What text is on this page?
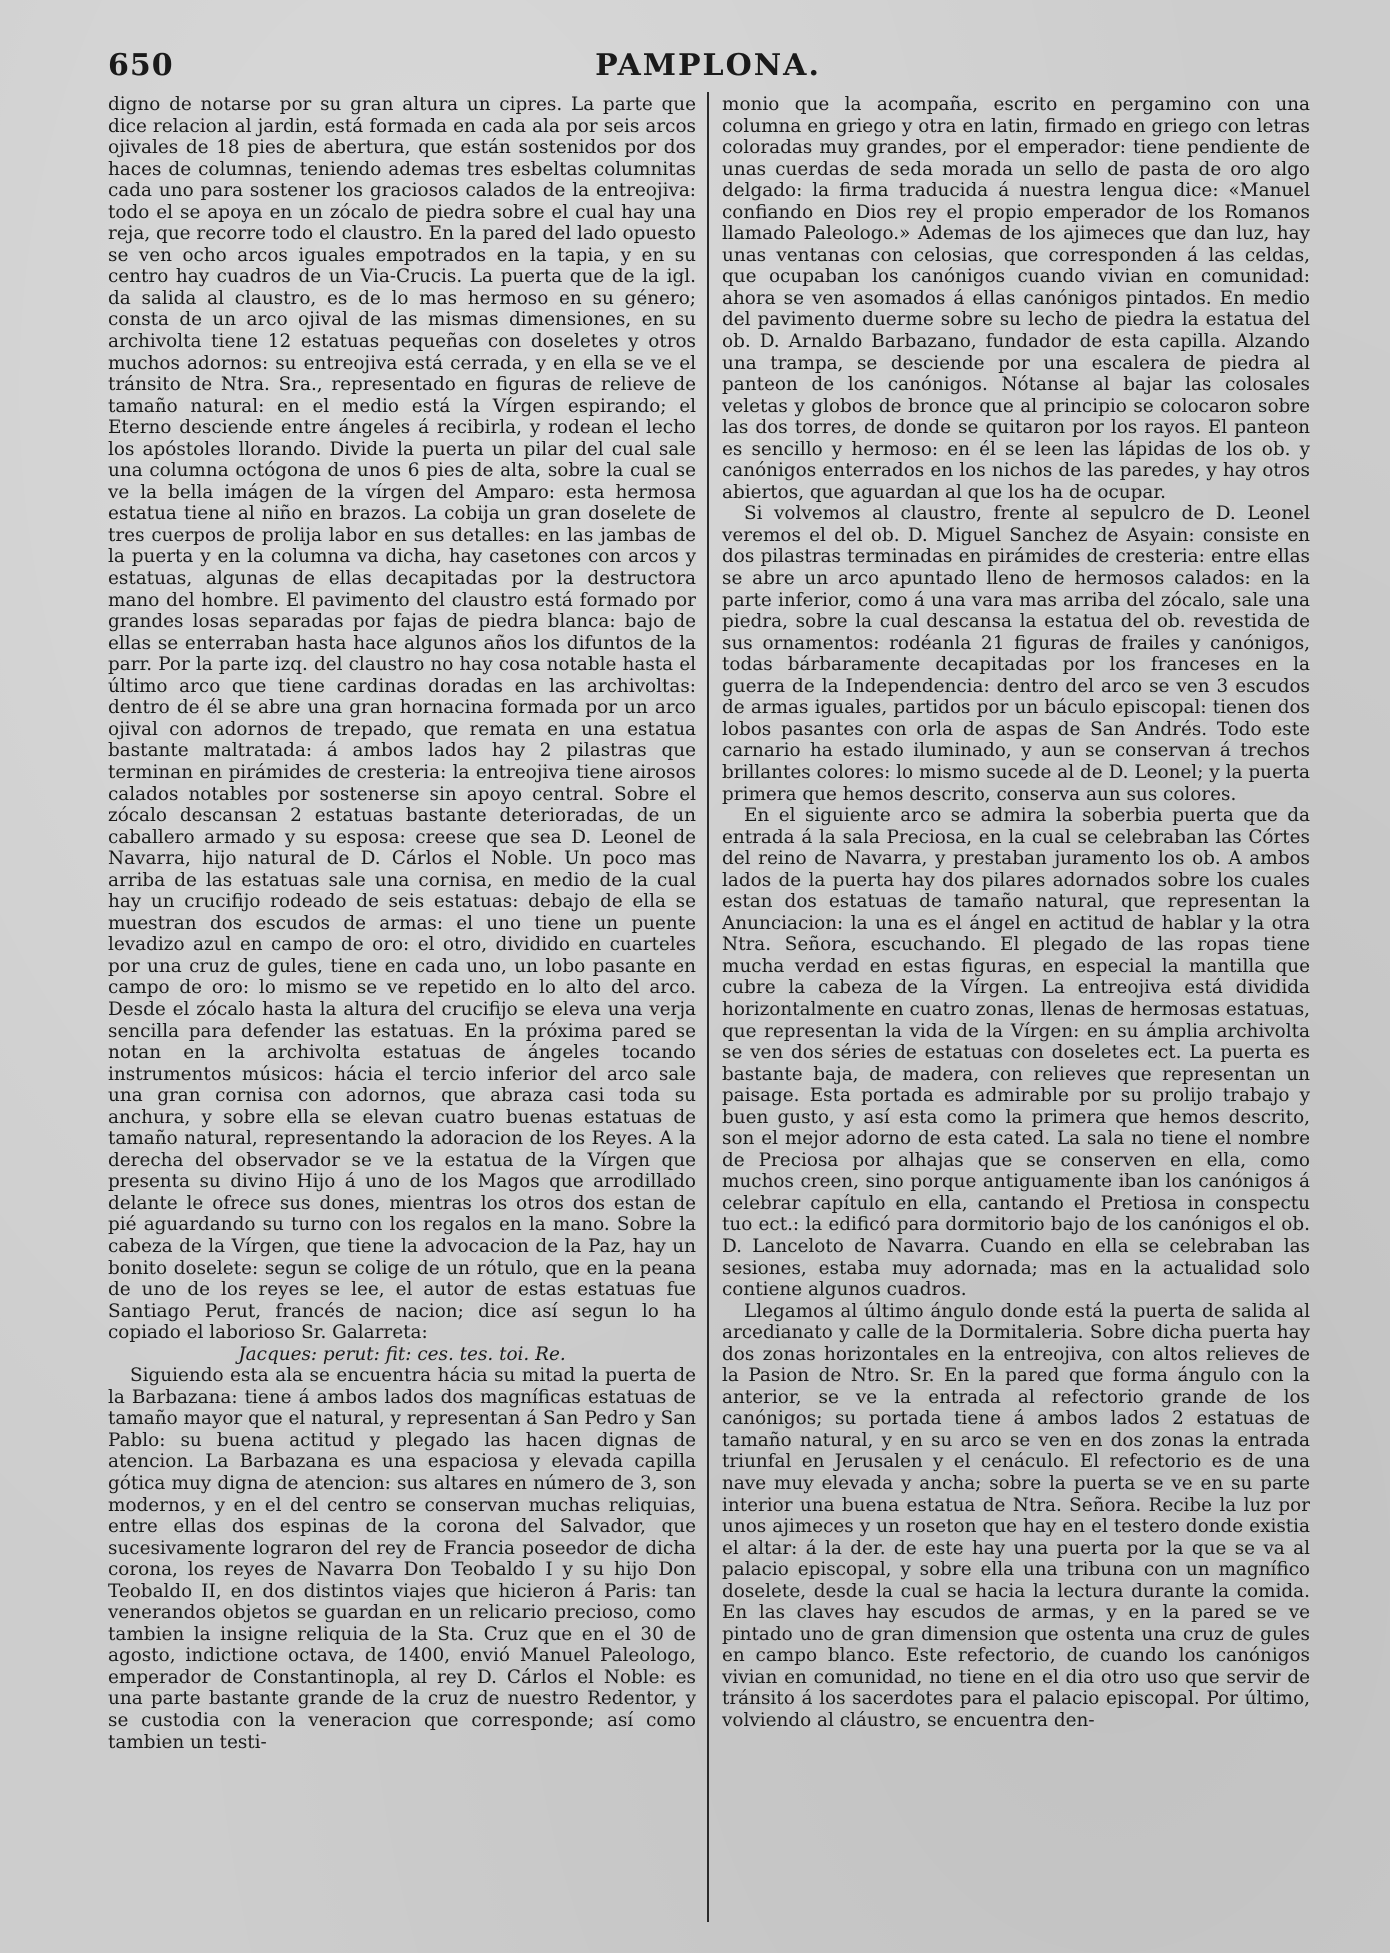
650	PAMPLONA.

digno de notarse por su gran altura un cipres. La parte que dice relacion al jardin, está formada en cada ala por seis arcos ojivales de 18 pies de abertura, que están sostenidos por dos haces de columnas, teniendo ademas tres esbeltas columnitas cada uno para sostener los graciosos calados de la entreojiva: todo el se apoya en un zócalo de piedra sobre el cual hay una reja, que recorre todo el claustro. En la pared del lado opuesto se ven ocho arcos iguales empotrados en la tapia, y en su centro hay cuadros de un Via-Crucis. La puerta que de la igl. da salida al claustro, es de lo mas hermoso en su género; consta de un arco ojival de las mismas dimensiones, en su archivolta tiene 12 estatuas pequeñas con doseletes y otros muchos adornos: su entreojiva está cerrada, y en ella se ve el tránsito de Ntra. Sra., representado en figuras de relieve de tamaño natural: en el medio está la Vírgen espirando; el Eterno desciende entre ángeles á recibirla, y rodean el lecho los apóstoles llorando. Divide la puerta un pilar del cual sale una columna octógona de unos 6 pies de alta, sobre la cual se ve la bella imágen de la vírgen del Amparo: esta hermosa estatua tiene al niño en brazos. La cobija un gran doselete de tres cuerpos de prolija labor en sus detalles: en las jambas de la puerta y en la columna va dicha, hay casetones con arcos y estatuas, algunas de ellas decapitadas por la destructora mano del hombre. El pavimento del claustro está formado por grandes losas separadas por fajas de piedra blanca: bajo de ellas se enterraban hasta hace algunos años los difuntos de la parr. Por la parte izq. del claustro no hay cosa notable hasta el último arco que tiene cardinas doradas en las archivoltas: dentro de él se abre una gran hornacina formada por un arco ojival con adornos de trepado, que remata en una estatua bastante maltratada: á ambos lados hay 2 pilastras que terminan en pirámides de cresteria: la entreojiva tiene airosos calados notables por sostenerse sin apoyo central. Sobre el zócalo descansan 2 estatuas bastante deterioradas, de un caballero armado y su esposa: creese que sea D. Leonel de Navarra, hijo natural de D. Cárlos el Noble. Un poco mas arriba de las estatuas sale una cornisa, en medio de la cual hay un crucifijo rodeado de seis estatuas: debajo de ella se muestran dos escudos de armas: el uno tiene un puente levadizo azul en campo de oro: el otro, dividido en cuarteles por una cruz de gules, tiene en cada uno, un lobo pasante en campo de oro: lo mismo se ve repetido en lo alto del arco. Desde el zócalo hasta la altura del crucifijo se eleva una verja sencilla para defender las estatuas. En la próxima pared se notan en la archivolta estatuas de ángeles tocando instrumentos músicos: hácia el tercio inferior del arco sale una gran cornisa con adornos, que abraza casi toda su anchura, y sobre ella se elevan cuatro buenas estatuas de tamaño natural, representando la adoracion de los Reyes. A la derecha del observador se ve la estatua de la Vírgen que presenta su divino Hijo á uno de los Magos que arrodillado delante le ofrece sus dones, mientras los otros dos estan de pié aguardando su turno con los regalos en la mano. Sobre la cabeza de la Vírgen, que tiene la advocacion de la Paz, hay un bonito doselete: segun se colige de un rótulo, que en la peana de uno de los reyes se lee, el autor de estas estatuas fue Santiago Perut, francés de nacion; dice así segun lo ha copiado el laborioso Sr. Galarreta:

Jacques: perut: fit: ces. tes. toi. Re.

Siguiendo esta ala se encuentra hácia su mitad la puerta de la Barbazana: tiene á ambos lados dos magníficas estatuas de tamaño mayor que el natural, y representan á San Pedro y San Pablo: su buena actitud y plegado las hacen dignas de atencion. La Barbazana es una espaciosa y elevada capilla gótica muy digna de atencion: sus altares en número de 3, son modernos, y en el del centro se conservan muchas reliquias, entre ellas dos espinas de la corona del Salvador, que sucesivamente lograron del rey de Francia poseedor de dicha corona, los reyes de Navarra Don Teobaldo I y su hijo Don Teobaldo II, en dos distintos viajes que hicieron á Paris: tan venerandos objetos se guardan en un relicario precioso, como tambien la insigne reliquia de la Sta. Cruz que en el 30 de agosto, indictione octava, de 1400, envió Manuel Paleologo, emperador de Constantinopla, al rey D. Cárlos el Noble: es una parte bastante grande de la cruz de nuestro Redentor, y se custodia con la veneracion que corresponde; así como tambien un testi-

monio que la acompaña, escrito en pergamino con una columna en griego y otra en latin, firmado en griego con letras coloradas muy grandes, por el emperador: tiene pendiente de unas cuerdas de seda morada un sello de pasta de oro algo delgado: la firma traducida á nuestra lengua dice: «Manuel confiando en Dios rey el propio emperador de los Romanos llamado Paleologo.» Ademas de los ajimeces que dan luz, hay unas ventanas con celosias, que corresponden á las celdas, que ocupaban los canónigos cuando vivian en comunidad: ahora se ven asomados á ellas canónigos pintados. En medio del pavimento duerme sobre su lecho de piedra la estatua del ob. D. Arnaldo Barbazano, fundador de esta capilla. Alzando una trampa, se desciende por una escalera de piedra al panteon de los canónigos. Nótanse al bajar las colosales veletas y globos de bronce que al principio se colocaron sobre las dos torres, de donde se quitaron por los rayos. El panteon es sencillo y hermoso: en él se leen las lápidas de los ob. y canónigos enterrados en los nichos de las paredes, y hay otros abiertos, que aguardan al que los ha de ocupar.

Si volvemos al claustro, frente al sepulcro de D. Leonel veremos el del ob. D. Miguel Sanchez de Asyain: consiste en dos pilastras terminadas en pirámides de cresteria: entre ellas se abre un arco apuntado lleno de hermosos calados: en la parte inferior, como á una vara mas arriba del zócalo, sale una piedra, sobre la cual descansa la estatua del ob. revestida de sus ornamentos: rodéanla 21 figuras de frailes y canónigos, todas bárbaramente decapitadas por los franceses en la guerra de la Independencia: dentro del arco se ven 3 escudos de armas iguales, partidos por un báculo episcopal: tienen dos lobos pasantes con orla de aspas de San Andrés. Todo este carnario ha estado iluminado, y aun se conservan á trechos brillantes colores: lo mismo sucede al de D. Leonel; y la puerta primera que hemos descrito, conserva aun sus colores.

En el siguiente arco se admira la soberbia puerta que da entrada á la sala Preciosa, en la cual se celebraban las Córtes del reino de Navarra, y prestaban juramento los ob. A ambos lados de la puerta hay dos pilares adornados sobre los cuales estan dos estatuas de tamaño natural, que representan la Anunciacion: la una es el ángel en actitud de hablar y la otra Ntra. Señora, escuchando. El plegado de las ropas tiene mucha verdad en estas figuras, en especial la mantilla que cubre la cabeza de la Vírgen. La entreojiva está dividida horizontalmente en cuatro zonas, llenas de hermosas estatuas, que representan la vida de la Vírgen: en su ámplia archivolta se ven dos séries de estatuas con doseletes ect. La puerta es bastante baja, de madera, con relieves que representan un paisage. Esta portada es admirable por su prolijo trabajo y buen gusto, y así esta como la primera que hemos descrito, son el mejor adorno de esta cated. La sala no tiene el nombre de Preciosa por alhajas que se conserven en ella, como muchos creen, sino porque antiguamente iban los canónigos á celebrar capítulo en ella, cantando el Pretiosa in conspectu tuo ect.: la edificó para dormitorio bajo de los canónigos el ob. D. Lanceloto de Navarra. Cuando en ella se celebraban las sesiones, estaba muy adornada; mas en la actualidad solo contiene algunos cuadros.

Llegamos al último ángulo donde está la puerta de salida al arcedianato y calle de la Dormitaleria. Sobre dicha puerta hay dos zonas horizontales en la entreojiva, con altos relieves de la Pasion de Ntro. Sr. En la pared que forma ángulo con la anterior, se ve la entrada al refectorio grande de los canónigos; su portada tiene á ambos lados 2 estatuas de tamaño natural, y en su arco se ven en dos zonas la entrada triunfal en Jerusalen y el cenáculo. El refectorio es de una nave muy elevada y ancha; sobre la puerta se ve en su parte interior una buena estatua de Ntra. Señora. Recibe la luz por unos ajimeces y un roseton que hay en el testero donde existia el altar: á la der. de este hay una puerta por la que se va al palacio episcopal, y sobre ella una tribuna con un magnífico doselete, desde la cual se hacia la lectura durante la comida. En las claves hay escudos de armas, y en la pared se ve pintado uno de gran dimension que ostenta una cruz de gules en campo blanco. Este refectorio, de cuando los canónigos vivian en comunidad, no tiene en el dia otro uso que servir de tránsito á los sacerdotes para el palacio episcopal. Por último, volviendo al cláustro, se encuentra den-
